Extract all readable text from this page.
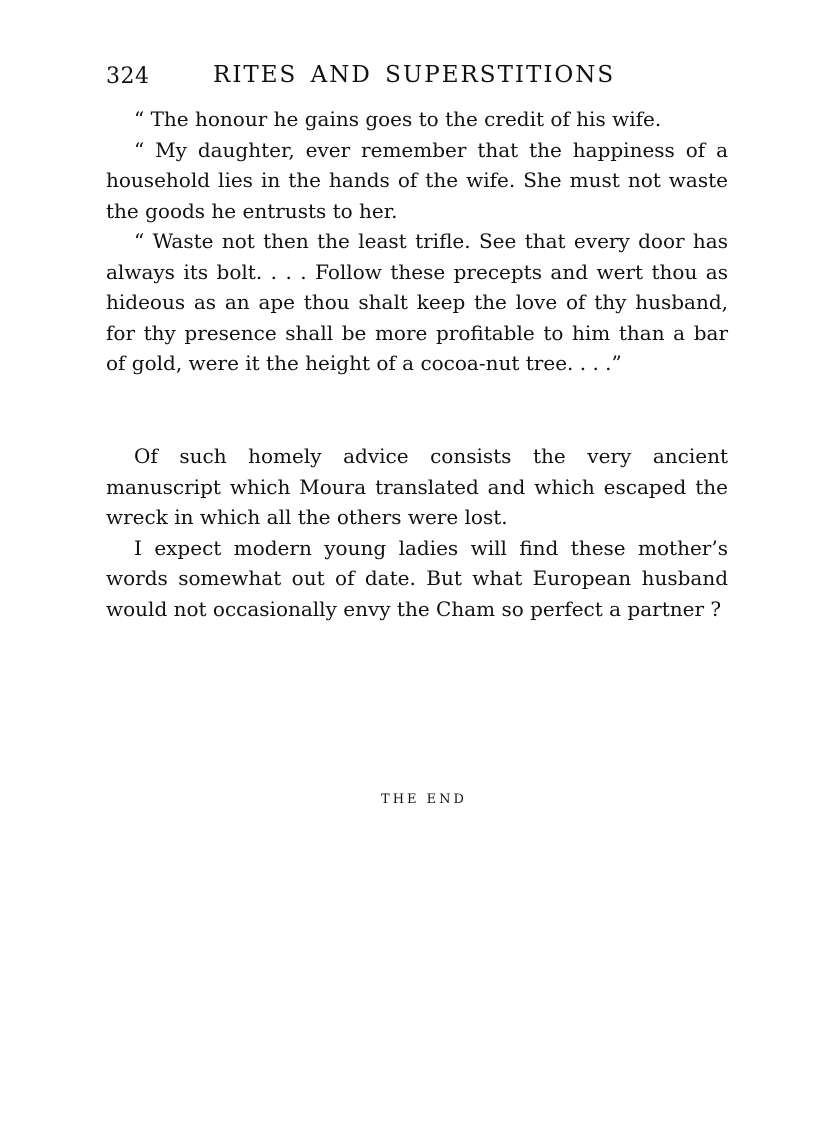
324	RITES AND SUPERSTITIONS

“ The honour he gains goes to the credit of his wife.

“ My daughter, ever remember that the happiness of a household lies in the hands of the wife. She must not waste the goods he entrusts to her.

“ Waste not then the least trifle. See that every door has always its bolt. . . . Follow these precepts and wert thou as hideous as an ape thou shalt keep the love of thy husband, for thy presence shall be more profitable to him than a bar of gold, were it the height of a cocoa-nut tree. . . .”

Of such homely advice consists the very ancient manuscript which Moura translated and which escaped the wreck in which all the others were lost.

I expect modern young ladies will find these mother’s words somewhat out of date. But what European husband would not occasionally envy the Cham so perfect a partner ?

THE END
